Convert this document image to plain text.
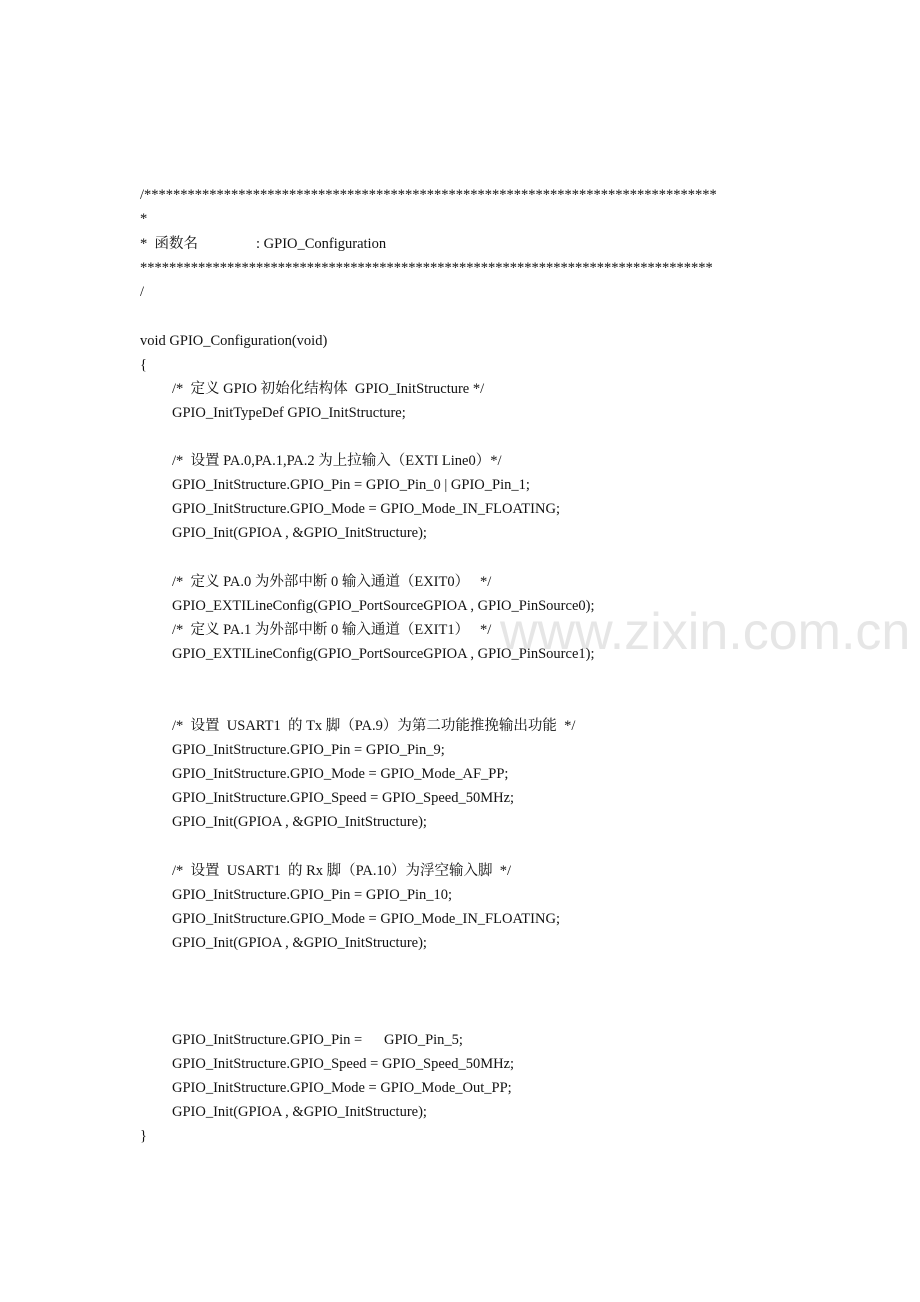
www.zixin.com.cn
/*******************************************************************************
*
*  函数名                : GPIO_Configuration
*******************************************************************************
/
void GPIO_Configuration(void)
{
/*  定义 GPIO 初始化结构体  GPIO_InitStructure */
GPIO_InitTypeDef GPIO_InitStructure;
/*  设置 PA.0,PA.1,PA.2 为上拉输入（EXTI Line0）*/
GPIO_InitStructure.GPIO_Pin = GPIO_Pin_0 | GPIO_Pin_1;
GPIO_InitStructure.GPIO_Mode = GPIO_Mode_IN_FLOATING;
GPIO_Init(GPIOA , &GPIO_InitStructure);
/*  定义 PA.0 为外部中断 0 输入通道（EXIT0）   */
GPIO_EXTILineConfig(GPIO_PortSourceGPIOA , GPIO_PinSource0);
/*  定义 PA.1 为外部中断 0 输入通道（EXIT1）   */
GPIO_EXTILineConfig(GPIO_PortSourceGPIOA , GPIO_PinSource1);
/*  设置  USART1  的 Tx 脚（PA.9）为第二功能推挽输出功能  */
GPIO_InitStructure.GPIO_Pin = GPIO_Pin_9;
GPIO_InitStructure.GPIO_Mode = GPIO_Mode_AF_PP;
GPIO_InitStructure.GPIO_Speed = GPIO_Speed_50MHz;
GPIO_Init(GPIOA , &GPIO_InitStructure);
/*  设置  USART1  的 Rx 脚（PA.10）为浮空输入脚  */
GPIO_InitStructure.GPIO_Pin = GPIO_Pin_10;
GPIO_InitStructure.GPIO_Mode = GPIO_Mode_IN_FLOATING;
GPIO_Init(GPIOA , &GPIO_InitStructure);
GPIO_InitStructure.GPIO_Pin =      GPIO_Pin_5;
GPIO_InitStructure.GPIO_Speed = GPIO_Speed_50MHz;
GPIO_InitStructure.GPIO_Mode = GPIO_Mode_Out_PP;
GPIO_Init(GPIOA , &GPIO_InitStructure);
}
